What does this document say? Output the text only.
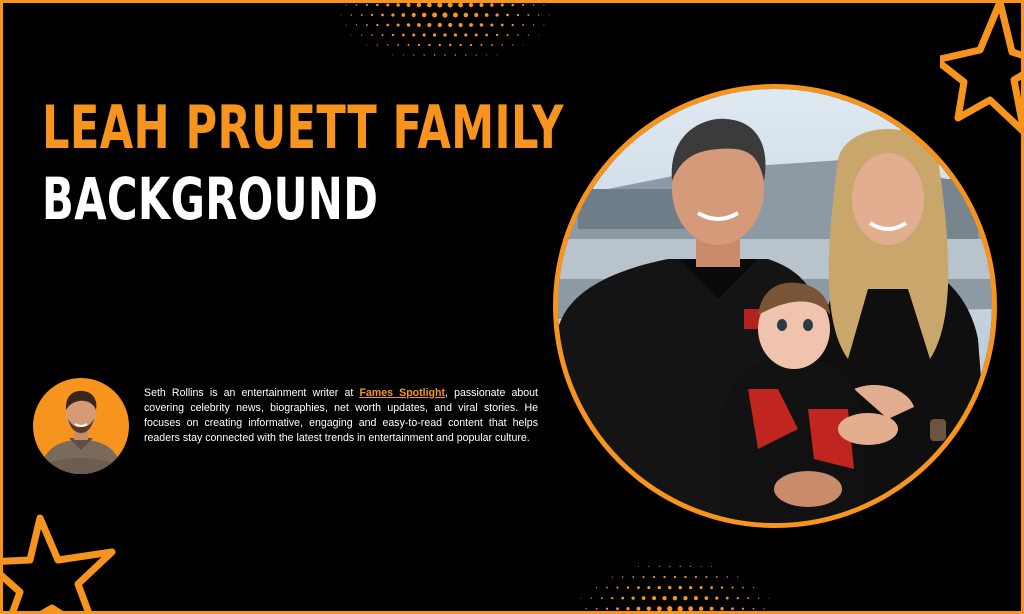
LEAH PRUETT FAMILY
BACKGROUND

Seth Rollins is an entertainment writer at Fames Spotlight, passionate about covering celebrity news, biographies, net worth updates, and viral stories. He focuses on creating informative, engaging and easy-to-read content that helps readers stay connected with the latest trends in entertainment and popular culture.
